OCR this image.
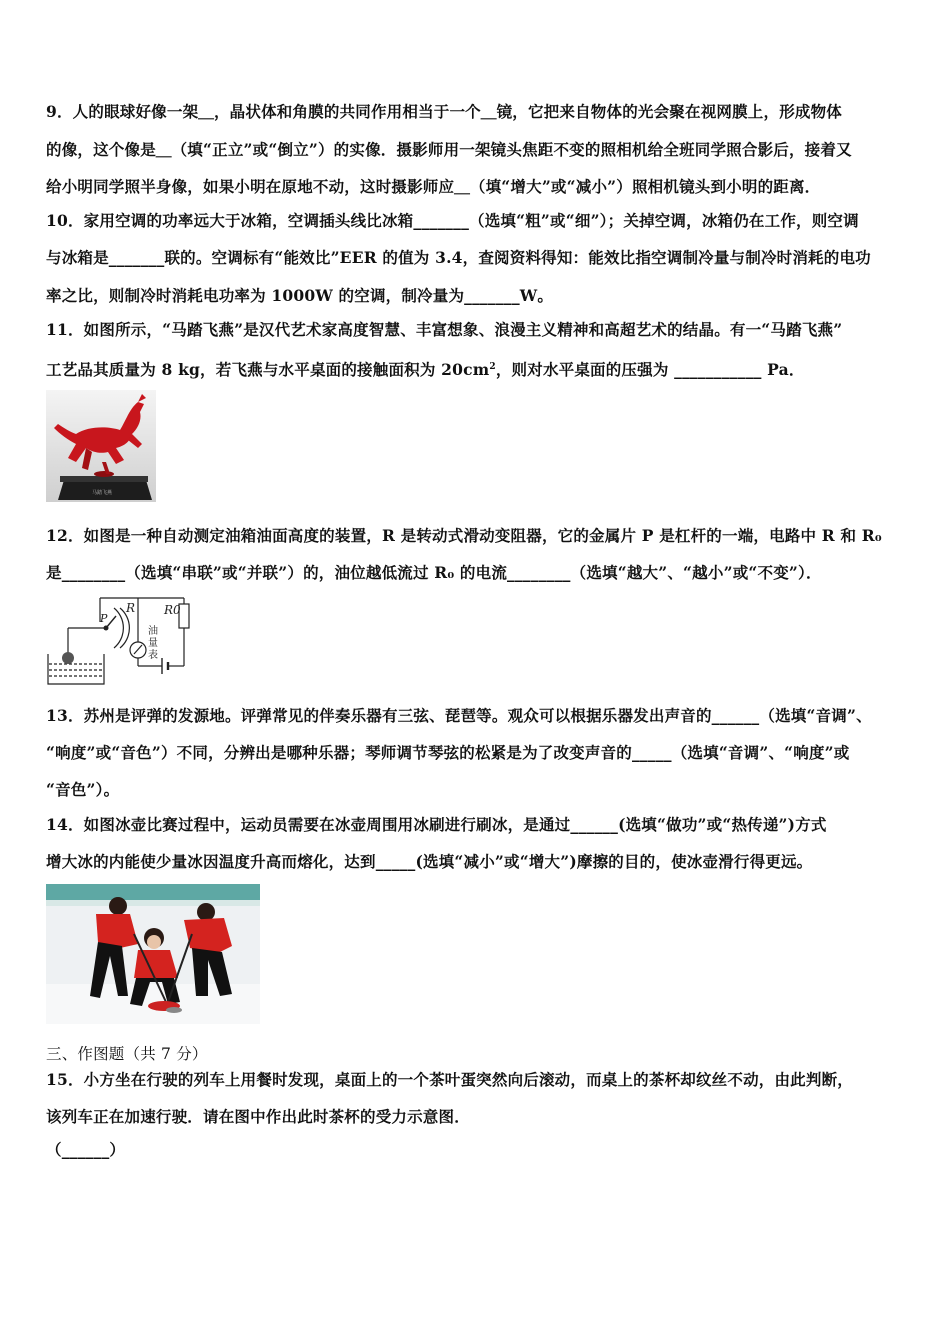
9．人的眼球好像一架＿，晶状体和角膜的共同作用相当于一个＿镜，它把来自物体的光会聚在视网膜上，形成物体
的像，这个像是＿（填“正立”或“倒立”）的实像．摄影师用一架镜头焦距不变的照相机给全班同学照合影后，接着又
给小明同学照半身像，如果小明在原地不动，这时摄影师应＿（填“增大”或“减小”）照相机镜头到小明的距离．
10．家用空调的功率远大于冰箱，空调插头线比冰箱_______（选填“粗”或“细”）；关掉空调，冰箱仍在工作，则空调
与冰箱是_______联的。空调标有“能效比”EER 的值为 3.4，查阅资料得知：能效比指空调制冷量与制冷时消耗的电功
率之比，则制冷时消耗电功率为 1000W 的空调，制冷量为_______W。
11．如图所示，“马踏飞燕”是汉代艺术家高度智慧、丰富想象、浪漫主义精神和高超艺术的结晶。有一“马踏飞燕”
工艺品其质量为 8 kg，若飞燕与水平桌面的接触面积为 $20cm^2$，则对水平桌面的压强为 ___________ Pa．
马踏飞燕
12．如图是一种自动测定油箱油面高度的装置，R 是转动式滑动变阻器，它的金属片 P 是杠杆的一端，电路中 R 和 R₀
是________（选填“串联”或“并联”）的，油位越低流过 R₀ 的电流________（选填“越大”、“越小”或“不变”）．
R R0
P
油 量 表
13．苏州是评弹的发源地。评弹常见的伴奏乐器有三弦、琵琶等。观众可以根据乐器发出声音的______（选填“音调”、
“响度”或“音色”）不同，分辨出是哪种乐器；琴师调节琴弦的松紧是为了改变声音的_____（选填“音调”、“响度”或
“音色”）。
14．如图冰壶比赛过程中，运动员需要在冰壶周围用冰刷进行刷冰，是通过______(选填“做功”或“热传递”)方式
增大冰的内能使少量冰因温度升高而熔化，达到_____(选填“减小”或“增大”)摩擦的目的，使冰壶滑行得更远。
三、作图题（共 7 分）
15．小方坐在行驶的列车上用餐时发现，桌面上的一个茶叶蛋突然向后滚动，而桌上的茶杯却纹丝不动，由此判断，
该列车正在加速行驶．请在图中作出此时茶杯的受力示意图．
（______）
